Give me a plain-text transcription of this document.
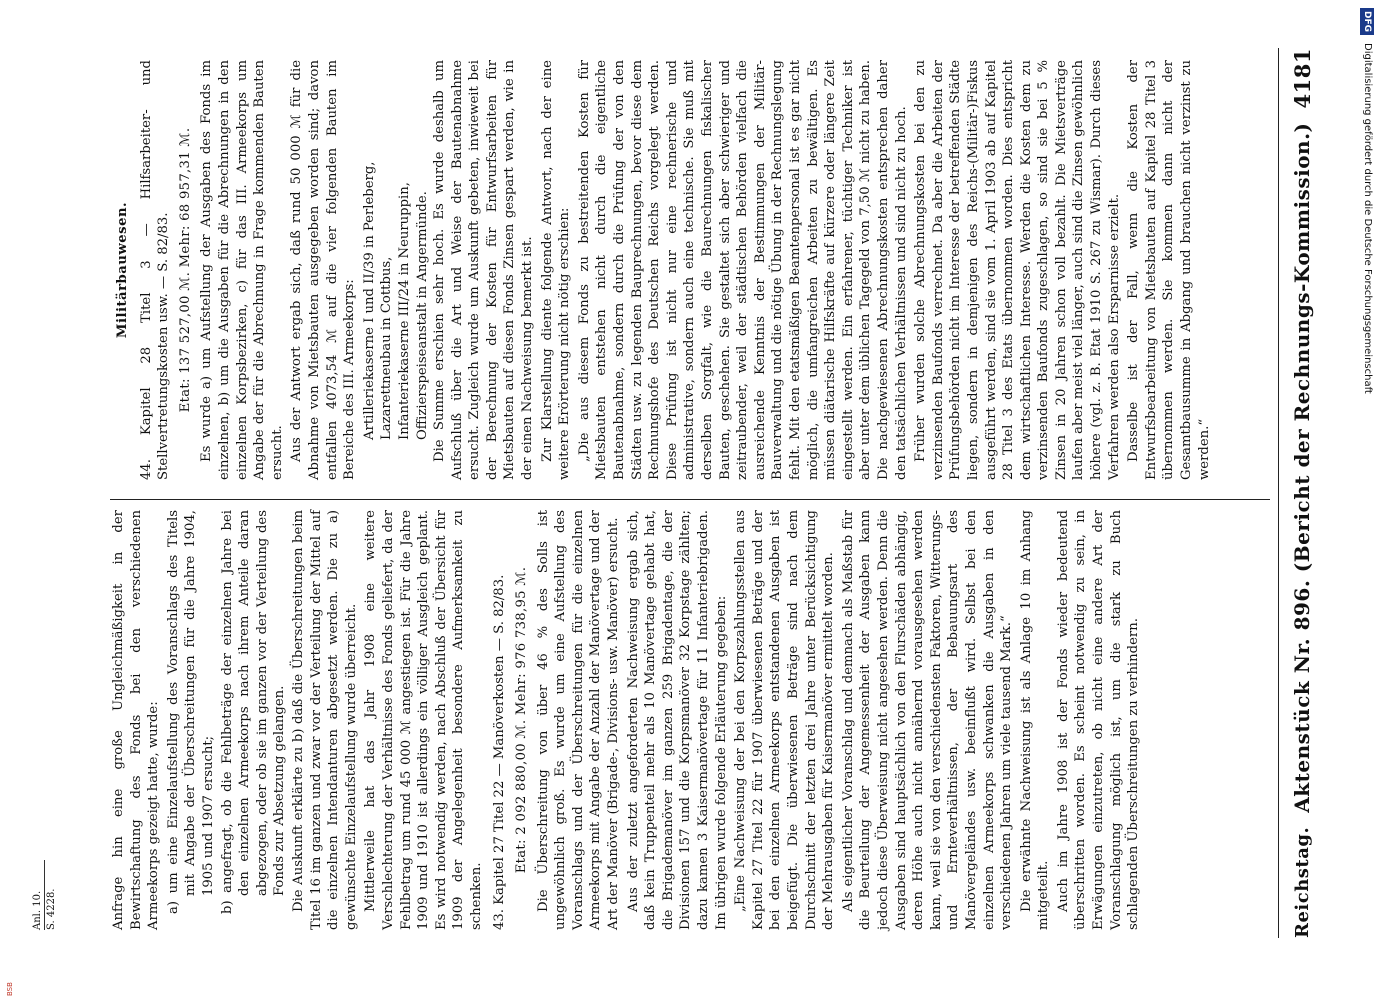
Reichstag.
Aktenstück Nr. 896. (Bericht der Rechnungs-Kommission.)
4181
Anl. 10. S. 4228.	Anfrage hin eine große Ungleichmäßigkeit in der Bewirtschaftung des Fonds bei den verschiedenen Armeekorps gezeigt hatte, wurde: a) um eine Einzelaufstellung des Voranschlags des Titels mit Angabe der Überschreitungen für die Jahre 1904, 1905 und 1907 ersucht; b) angefragt, ob die Fehlbeträge der einzelnen Jahre bei den einzelnen Armeekorps nach ihrem Anteile daran abgezogen, oder ob sie im ganzen vor der Verteilung des Fonds zur Absetzung gelangen. Die Auskunft erklärte zu b) daß die Überschreitungen beim Titel 16 im ganzen und zwar vor der Verteilung der Mittel auf die einzelnen Intendanturen abgesetzt werden. Die zu a) gewünschte Einzelaufstellung wurde überreicht. Mittlerweile hat das Jahr 1908 eine weitere Verschlechterung der Verhältnisse des Fonds geliefert, da der Fehlbetrag um rund 45 000 ℳ angestiegen ist. Für die Jahre 1909 und 1910 ist allerdings ein völliger Ausgleich geplant. Es wird notwendig werden, nach Abschluß der Übersicht für 1909 der Angelegenheit besondere Aufmerksamkeit zu schenken. 43. Kapitel 27 Titel 22 — Manöverkosten — S. 82/83. Etat: 2 092 880,00 ℳ. Mehr: 976 738,95 ℳ. Die Überschreitung von über 46 % des Solls ist ungewöhnlich groß. Es wurde um eine Aufstellung des Voranschlags und der Überschreitungen für die einzelnen Armeekorps mit Angabe der Anzahl der Manövertage und der Art der Manöver (Brigade-, Divisions- usw. Manöver) ersucht. Aus der zuletzt angeforderten Nachweisung ergab sich, daß kein Truppenteil mehr als 10 Manövertage gehabt hat, die Brigademanöver im ganzen 259 Brigadentage, die der Divisionen 157 und die Korpsmanöver 32 Korpstage zählten; dazu kamen 3 Kaisermanövertage für 11 Infanteriebrigaden. Im übrigen wurde folgende Erläuterung gegeben: „Eine Nachweisung der bei den Korpszahlungsstellen aus Kapitel 27 Titel 22 für 1907 überwiesenen Beträge und der bei den einzelnen Armeekorps entstandenen Ausgaben ist beigefügt. Die überwiesenen Beträge sind nach dem Durchschnitt der letzten drei Jahre unter Berücksichtigung der Mehrausgaben für Kaisermanöver ermittelt worden. Als eigentlicher Voranschlag und demnach als Maßstab für die Beurteilung der Angemessenheit der Ausgaben kann jedoch diese Überweisung nicht angesehen werden. Denn die Ausgaben sind hauptsächlich von den Flurschäden abhängig, deren Höhe auch nicht annähernd vorausgesehen werden kann, weil sie von den verschiedensten Faktoren, Witterungs- und Ernteverhältnissen, der Bebauungsart des Manövergeländes usw. beeinflußt wird. Selbst bei den einzelnen Armeekorps schwanken die Ausgaben in den verschiedenen Jahren um viele tausend Mark.“ Die erwähnte Nachweisung ist als Anlage 10 im Anhang mitgeteilt. Auch im Jahre 1908 ist der Fonds wieder bedeutend überschritten worden. Es scheint notwendig zu sein, in Erwägungen einzutreten, ob nicht eine andere Art der Voranschlagung möglich ist, um die stark zu Buch schlagenden Überschreitungen zu verhindern.

Militärbauwesen. 44. Kapitel 28 Titel 3 — Hilfsarbeiter- und Stellvertretungskosten usw. — S. 82/83. Etat: 137 527,00 ℳ. Mehr: 68 957,31 ℳ. Es wurde a) um Aufstellung der Ausgaben des Fonds im einzelnen, b) um die Ausgaben für die Abrechnungen in den einzelnen Korpsbezirken, c) für das III. Armeekorps um Angabe der für die Abrechnung in Frage kommenden Bauten ersucht. Aus der Antwort ergab sich, daß rund 50 000 ℳ für die Abnahme von Mietsbauten ausgegeben worden sind; davon entfallen 4073,54 ℳ auf die vier folgenden Bauten im Bereiche des III. Armeekorps: Artilleriekaserne I und II/39 in Perleberg, Lazarettneubau in Cottbus, Infanteriekaserne III/24 in Neuruppin, Offizierspeiseanstalt in Angermünde. Die Summe erschien sehr hoch. Es wurde deshalb um Aufschluß über die Art und Weise der Bautenabnahme ersucht. Zugleich wurde um Auskunft gebeten, inwieweit bei der Berechnung der Kosten für Entwurfsarbeiten für Mietsbauten auf diesen Fonds Zinsen gespart werden, wie in der einen Nachweisung bemerkt ist. Zur Klarstellung diente folgende Antwort, nach der eine weitere Erörterung nicht nötig erschien: „Die aus diesem Fonds zu bestreitenden Kosten für Mietsbauten entstehen nicht durch die eigentliche Bautenabnahme, sondern durch die Prüfung der von den Städten usw. zu legenden Bauprechnungen, bevor diese dem Rechnungshofe des Deutschen Reichs vorgelegt werden. Diese Prüfung ist nicht nur eine rechnerische und administrative, sondern auch eine technische. Sie muß mit derselben Sorgfalt, wie die Baurechnungen fiskalischer Bauten, geschehen. Sie gestaltet sich aber schwieriger und zeitraubender, weil der städtischen Behörden vielfach die ausreichende Kenntnis der Bestimmungen der Militär-Bauverwaltung und die nötige Übung in der Rechnungslegung fehlt. Mit den etatsmäßigen Beamtenpersonal ist es gar nicht möglich, die umfangreichen Arbeiten zu bewältigen. Es müssen diätarische Hilfskräfte auf kürzere oder längere Zeit eingestellt werden. Ein erfahrener, tüchtiger Techniker ist aber unter dem üblichen Tagegeld von 7,50 ℳ nicht zu haben. Die nachgewiesenen Abrechnungskosten entsprechen daher den tatsächlichen Verhältnissen und sind nicht zu hoch. Früher wurden solche Abrechnungskosten bei den zu verzinsenden Baufonds verrechnet. Da aber die Arbeiten der Prüfungsbehörden nicht im Interesse der betreffenden Städte liegen, sondern in demjenigen des Reichs-(Militär-)Fiskus ausgeführt werden, sind sie vom 1. April 1903 ab auf Kapitel 28 Titel 3 des Etats übernommen worden. Dies entspricht dem wirtschaftlichen Interesse. Werden die Kosten dem zu verzinsenden Baufonds zugeschlagen, so sind sie bei 5 % Zinsen in 20 Jahren schon voll bezahlt. Die Mietsverträge laufen aber meist viel länger, auch sind die Zinsen gewöhnlich höhere (vgl. z. B. Etat 1910 S. 267 zu Wismar). Durch dieses Verfahren werden also Ersparnisse erzielt. Dasselbe ist der Fall, wenn die Kosten der Entwurfsbearbeitung von Mietsbauten auf Kapitel 28 Titel 3 übernommen werden. Sie kommen dann nicht der Gesamtbausumme in Abgang und brauchen nicht verzinst zu werden.“

DFG
Digitalisierung gefördert durch die Deutsche Forschungsgemeinschaft
BSB
